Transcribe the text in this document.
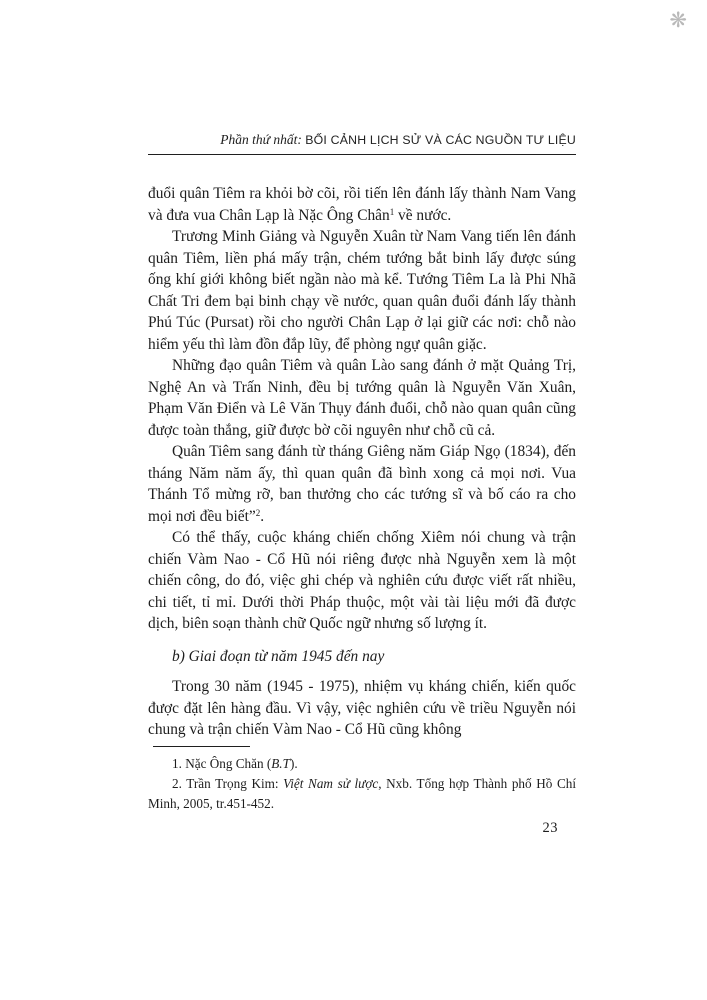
❋
Phần thứ nhất: BỐI CẢNH LỊCH SỬ VÀ CÁC NGUỒN TƯ LIỆU

đuổi quân Tiêm ra khỏi bờ cõi, rồi tiến lên đánh lấy thành Nam Vang và đưa vua Chân Lạp là Nặc Ông Chân$^1$ về nước.

Trương Minh Giảng và Nguyễn Xuân từ Nam Vang tiến lên đánh quân Tiêm, liền phá mấy trận, chém tướng bắt binh lấy được súng ống khí giới không biết ngần nào mà kể. Tướng Tiêm La là Phi Nhã Chất Tri đem bại binh chạy về nước, quan quân đuổi đánh lấy thành Phú Túc (Pursat) rồi cho người Chân Lạp ở lại giữ các nơi: chỗ nào hiểm yếu thì làm đồn đắp lũy, để phòng ngự quân giặc.

Những đạo quân Tiêm và quân Lào sang đánh ở mặt Quảng Trị, Nghệ An và Trấn Ninh, đều bị tướng quân là Nguyễn Văn Xuân, Phạm Văn Điển và Lê Văn Thụy đánh đuổi, chỗ nào quan quân cũng được toàn thắng, giữ được bờ cõi nguyên như chỗ cũ cả.

Quân Tiêm sang đánh từ tháng Giêng năm Giáp Ngọ (1834), đến tháng Năm năm ấy, thì quan quân đã bình xong cả mọi nơi. Vua Thánh Tổ mừng rỡ, ban thưởng cho các tướng sĩ và bố cáo ra cho mọi nơi đều biết”$^2$.

Có thể thấy, cuộc kháng chiến chống Xiêm nói chung và trận chiến Vàm Nao - Cổ Hũ nói riêng được nhà Nguyễn xem là một chiến công, do đó, việc ghi chép và nghiên cứu được viết rất nhiều, chi tiết, tỉ mỉ. Dưới thời Pháp thuộc, một vài tài liệu mới đã được dịch, biên soạn thành chữ Quốc ngữ nhưng số lượng ít.

b) Giai đoạn từ năm 1945 đến nay

Trong 30 năm (1945 - 1975), nhiệm vụ kháng chiến, kiến quốc được đặt lên hàng đầu. Vì vậy, việc nghiên cứu về triều Nguyễn nói chung và trận chiến Vàm Nao - Cổ Hũ cũng không

1. Nặc Ông Chăn (B.T).

2. Trần Trọng Kim: Việt Nam sử lược, Nxb. Tổng hợp Thành phố Hồ Chí Minh, 2005, tr.451-452.

23
